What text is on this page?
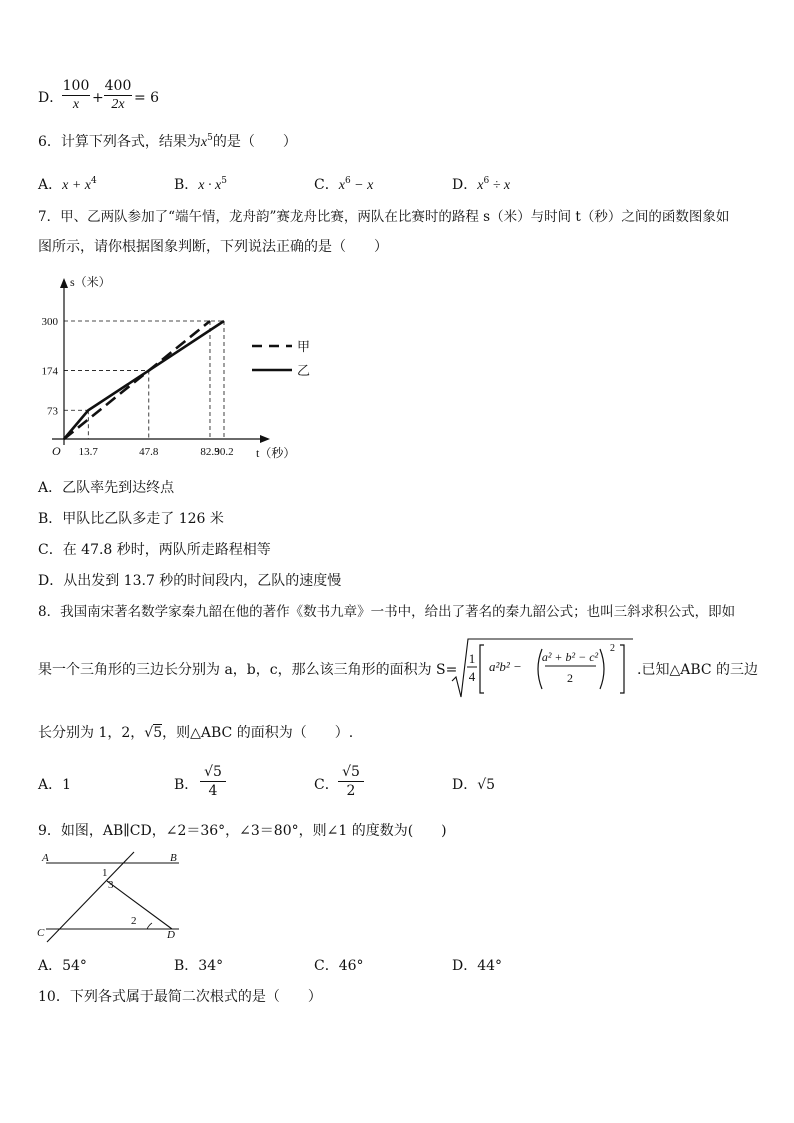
D．
100
x +
400
2x = 6
6．计算下列各式，结果为$x^5$的是（　　）
A．$x + x^4$	B．$x \cdot x^5$	C．$x^6 - x$	D．$x^6 \div x$
7．甲、乙两队参加了“端午情，龙舟韵”赛龙舟比赛，两队在比赛时的路程 s（米）与时间 t（秒）之间的函数图象如
图所示，请你根据图象判断，下列说法正确的是（　　）
13.7	47.8	82.3
90.2
73
174
300
O
s（米）
t（秒）
甲
乙
A．乙队率先到达终点
B．甲队比乙队多走了 126 米
C．在 47.8 秒时，两队所走路程相等
D．从出发到 13.7 秒的时间段内，乙队的速度慢
8．我国南宋著名数学家秦九韶在他的著作《数书九章》一书中，给出了著名的秦九韶公式；也叫三斜求积公式，即如
果一个三角形的三边长分别为 a，b，c，那么该三角形的面积为 S=
1
4
a²b² −
a² + b² − c²
2
2
.已知△ABC 的三边
长分别为 1，2，√5，则△ABC 的面积为（　　）.
A．1	B．
√5
4	C．
√5
2	D．√5
9．如图，AB∥CD，∠2＝36°，∠3＝80°，则∠1 的度数为(　　)
A	B
C	D
1
3
2
A．54°	B．34°	C．46°	D．44°
10．下列各式属于最简二次根式的是（　　）
